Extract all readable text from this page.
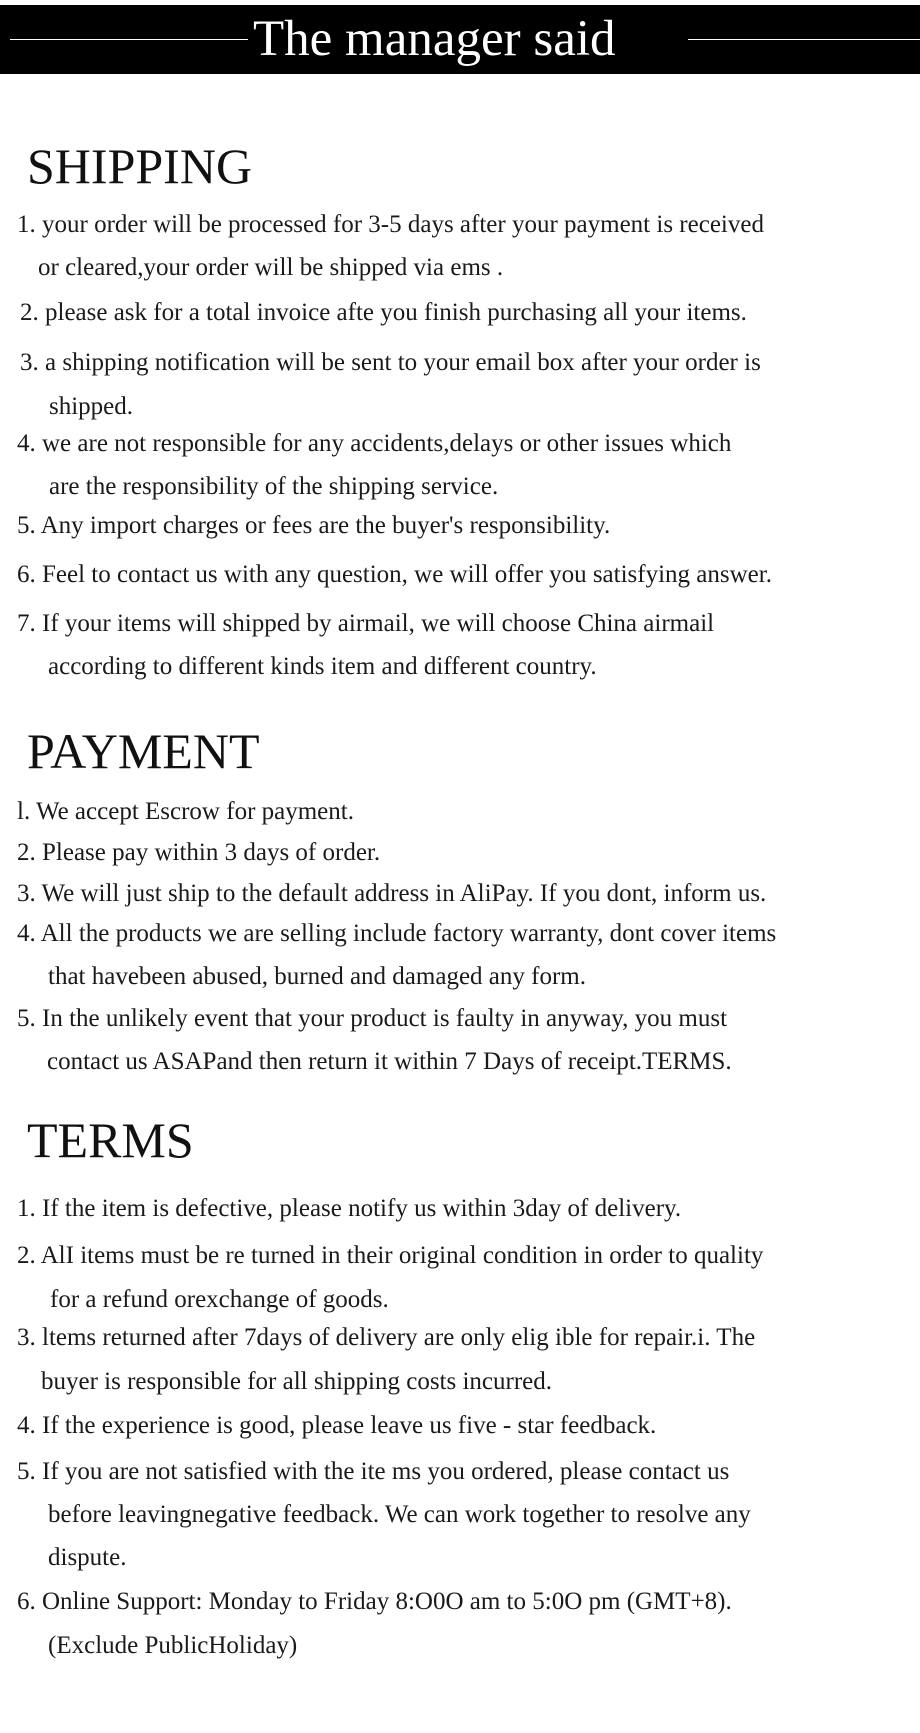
The manager said
SHIPPING
1. your order will be processed for 3-5 days after your payment is received
or cleared,your order will be shipped via ems .
2. please ask for a total invoice afte you finish purchasing all your items.
3. a shipping notification will be sent to your email box after your order is
shipped.
4. we are not responsible for any accidents,delays or other issues which
are the responsibility of the shipping service.
5. Any import charges or fees are the buyer's responsibility.
6. Feel to contact us with any question, we will offer you satisfying answer.
7. If your items will shipped by airmail, we will choose China airmail
according to different kinds item and different country.
PAYMENT
l. We accept Escrow for payment.
2. Please pay within 3 days of order.
3. We will just ship to the default address in AliPay. If you dont, inform us.
4. All the products we are selling include factory warranty, dont cover items
that havebeen abused, burned and damaged any form.
5. In the unlikely event that your product is faulty in anyway, you must
contact us ASAPand then return it within 7 Days of receipt.TERMS.
TERMS
1. If the item is defective, please notify us within 3day of delivery.
2. AlI items must be re turned in their original condition in order to quality
for a refund orexchange of goods.
3. ltems returned after 7days of delivery are only elig ible for repair.i. The
buyer is responsible for all shipping costs incurred.
4. If the experience is good, please leave us five - star feedback.
5. If you are not satisfied with the ite ms you ordered, please contact us
before leavingnegative feedback. We can work together to resolve any
dispute.
6. Online Support: Monday to Friday 8:O0O am to 5:0O pm (GMT+8).
(Exclude PublicHoliday)
